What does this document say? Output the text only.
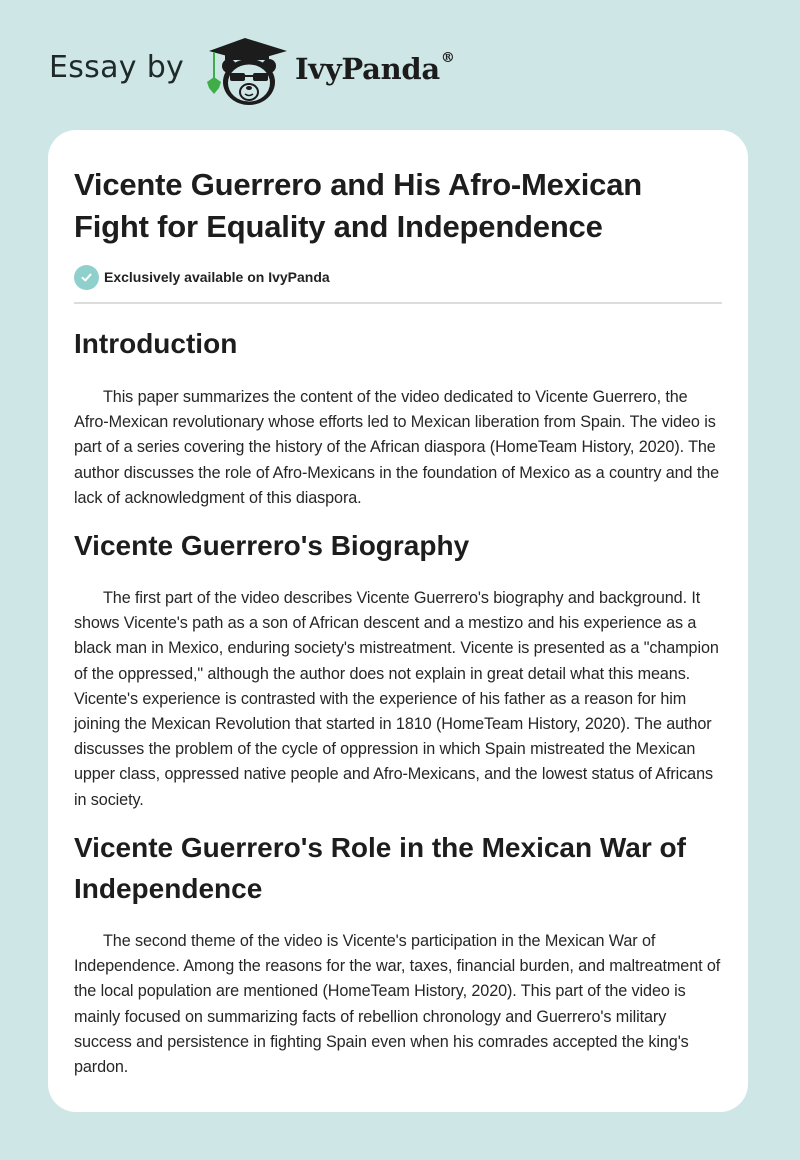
Essay by	IvyPanda®
Vicente Guerrero and His Afro-Mexican Fight for Equality and Independence
Exclusively available on IvyPanda
Introduction

This paper summarizes the content of the video dedicated to Vicente Guerrero, the Afro-Mexican revolutionary whose efforts led to Mexican liberation from Spain. The video is part of a series covering the history of the African diaspora (HomeTeam History, 2020). The author discusses the role of Afro-Mexicans in the foundation of Mexico as a country and the lack of acknowledgment of this diaspora.

Vicente Guerrero's Biography

The first part of the video describes Vicente Guerrero's biography and background. It shows Vicente's path as a son of African descent and a mestizo and his experience as a black man in Mexico, enduring society's mistreatment. Vicente is presented as a "champion of the oppressed," although the author does not explain in great detail what this means. Vicente's experience is contrasted with the experience of his father as a reason for him joining the Mexican Revolution that started in 1810 (HomeTeam History, 2020). The author discusses the problem of the cycle of oppression in which Spain mistreated the Mexican upper class, oppressed native people and Afro-Mexicans, and the lowest status of Africans in society.

Vicente Guerrero's Role in the Mexican War of Independence

The second theme of the video is Vicente's participation in the Mexican War of Independence. Among the reasons for the war, taxes, financial burden, and maltreatment of the local population are mentioned (HomeTeam History, 2020). This part of the video is mainly focused on summarizing facts of rebellion chronology and Guerrero's military success and persistence in fighting Spain even when his comrades accepted the king's pardon.
